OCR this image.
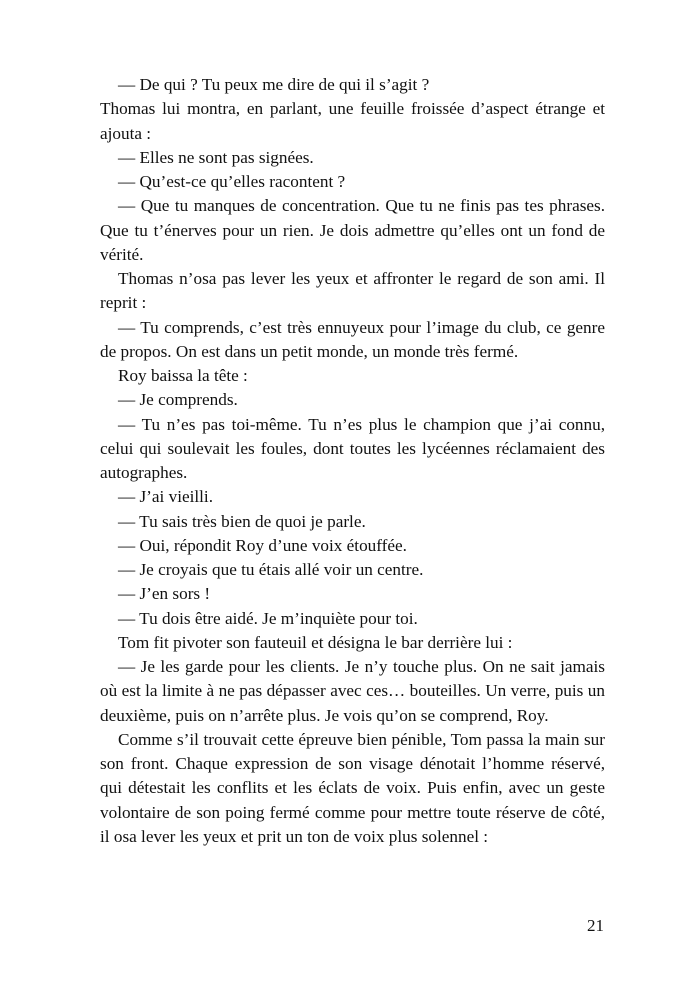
— De qui ? Tu peux me dire de qui il s’agit ?

Thomas lui montra, en parlant, une feuille froissée d’aspect étrange et ajouta :

— Elles ne sont pas signées.

— Qu’est-ce qu’elles racontent ?

— Que tu manques de concentration. Que tu ne finis pas tes phrases. Que tu t’énerves pour un rien. Je dois admettre qu’elles ont un fond de vérité.

Thomas n’osa pas lever les yeux et affronter le regard de son ami. Il reprit :

— Tu comprends, c’est très ennuyeux pour l’image du club, ce genre de propos. On est dans un petit monde, un monde très fermé.

Roy baissa la tête :

— Je comprends.

— Tu n’es pas toi-même. Tu n’es plus le champion que j’ai connu, celui qui soulevait les foules, dont toutes les lycéennes réclamaient des autographes.

— J’ai vieilli.

— Tu sais très bien de quoi je parle.

— Oui, répondit Roy d’une voix étouffée.

— Je croyais que tu étais allé voir un centre.

— J’en sors !

— Tu dois être aidé. Je m’inquiète pour toi.

Tom fit pivoter son fauteuil et désigna le bar derrière lui :

— Je les garde pour les clients. Je n’y touche plus. On ne sait jamais où est la limite à ne pas dépasser avec ces… bouteilles. Un verre, puis un deuxième, puis on n’arrête plus. Je vois qu’on se comprend, Roy.

Comme s’il trouvait cette épreuve bien pénible, Tom passa la main sur son front. Chaque expression de son visage dénotait l’homme réservé, qui détestait les conflits et les éclats de voix. Puis enfin, avec un geste volontaire de son poing fermé comme pour mettre toute réserve de côté, il osa lever les yeux et prit un ton de voix plus solennel :

21
